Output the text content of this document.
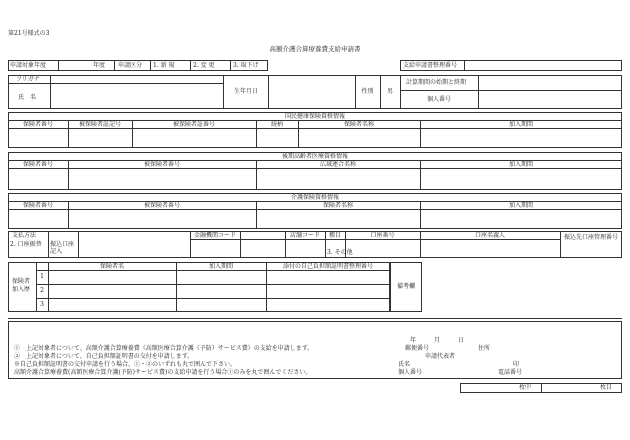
第21号様式の3
高額介護合算療養費支給申請書
申請対象年度	年度 申請区分 1. 新 規	2. 変 更	3. 取下げ	支給申請書整理番号
フリガナ
氏　名
生年月日	性別	男
計算期間の始期と終期
個人番号
国民健康保険資格情報
保険者番号	被保険者証記号	被保険者証番号	続柄	保険者名称	加入期間
後期高齢者医療資格情報
保険者番号	被保険者番号	広域連合名称	加入期間
介護保険資格情報
保険者番号	被保険者番号	保険者名称	加入期間
支払方法
2. 口座振替	振込口座記入
金融機関コード	店舗コード	種目	口座番号	口座名義人	振込先口座管理番号
3. その他
保険者加入歴
保険者名	加入期間	添付の自己負担額証明書整理番号
1
2
3
備考欄
年　　　月　　　日
①　上記対象者について、高額介護合算療養費（高額医療合算介護（予防）サービス費）の支給を申請します。
②　上記対象者について、自己負担額証明書の交付を申請します。
※自己負担額証明書の交付申請を行う場合、①・②のいずれも丸で囲んで下さい。
高額介護合算療養費(高額医療合算介護(予防)サービス費)の支給申請を行う場合①のみを丸で囲んでください。
郵便番号	住所
申請代表者
氏名	印
個人番号	電話番号
枚中	枚目
